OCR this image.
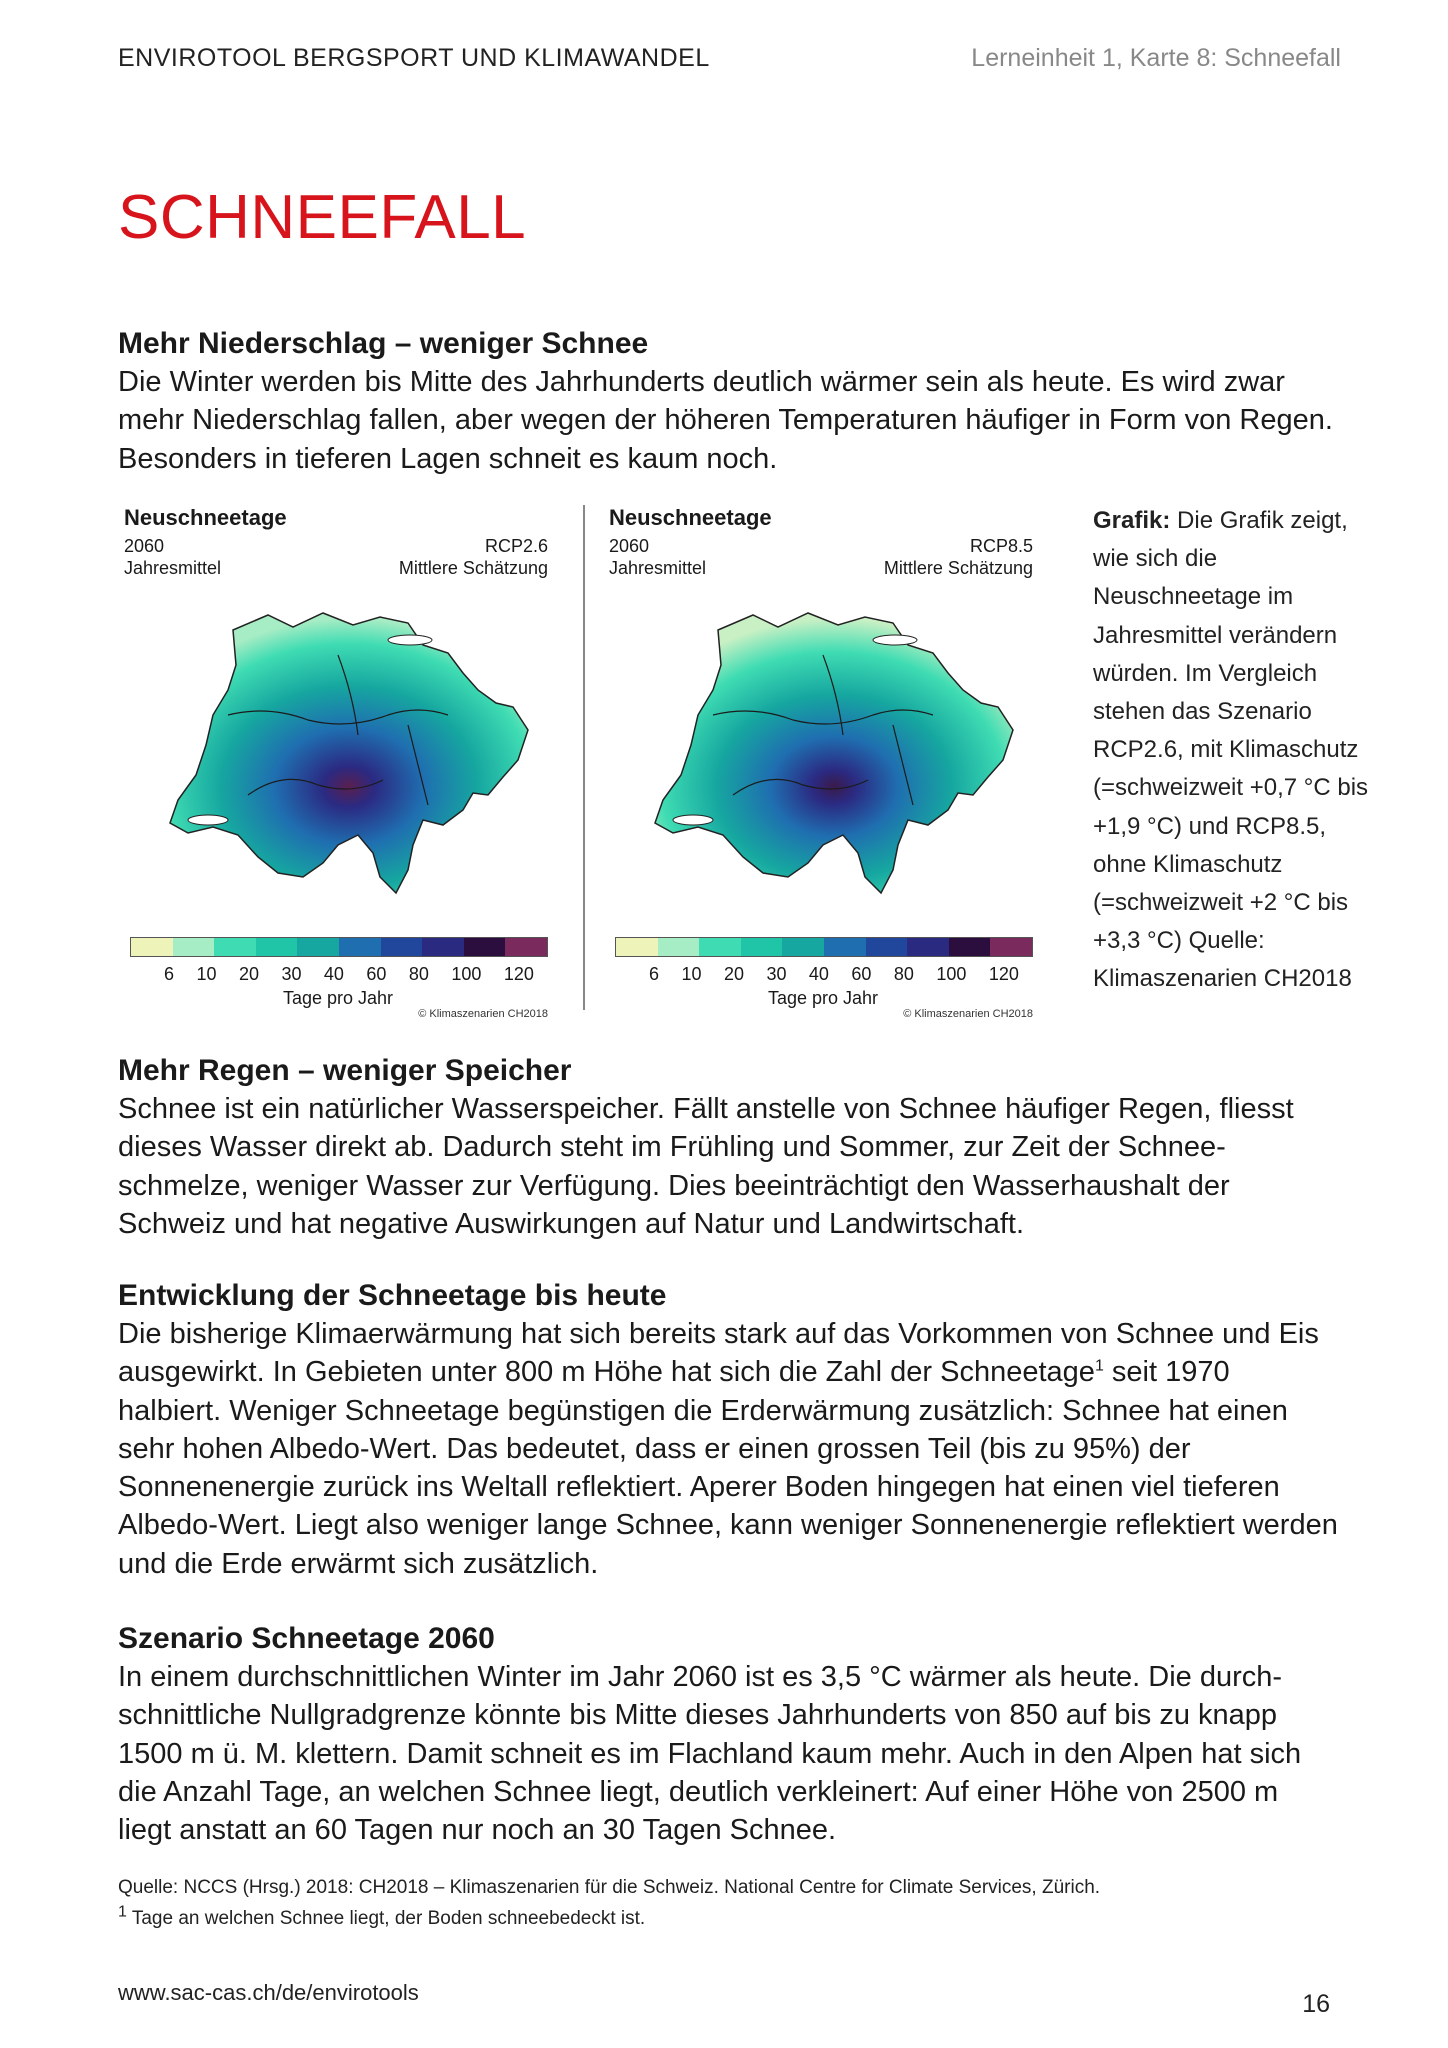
ENVIROTOOL BERGSPORT UND KLIMAWANDEL	Lerneinheit 1, Karte 8: Schneefall
SCHNEEFALL
Mehr Niederschlag – weniger Schnee

Die Winter werden bis Mitte des Jahrhunderts deutlich wärmer sein als heute. Es wird zwar mehr Niederschlag fallen, aber wegen der höheren Temperaturen häufiger in Form von Regen. Besonders in tieferen Lagen schneit es kaum noch.

Neuschneetage
2060
Jahresmittel
RCP2.6
Mittlere Schätzung
6 10 20 30 40 60 80 100 120
Tage pro Jahr
© Klimaszenarien CH2018
Neuschneetage
2060
Jahresmittel
RCP8.5
Mittlere Schätzung
6 10 20 30 40 60 80 100 120
Tage pro Jahr
© Klimaszenarien CH2018
Grafik: Die Grafik zeigt, wie sich die Neuschneetage im Jahresmittel verändern würden. Im Vergleich stehen das Szenario RCP2.6, mit Klimaschutz (=schweizweit +0,7 °C bis +1,9 °C) und RCP8.5, ohne Klimaschutz (=schweizweit +2 °C bis +3,3 °C) Quelle: Klimaszenarien CH2018
Mehr Regen – weniger Speicher

Schnee ist ein natürlicher Wasserspeicher. Fällt anstelle von Schnee häufiger Regen, fliesst dieses Wasser direkt ab. Dadurch steht im Frühling und Sommer, zur Zeit der Schnee-schmelze, weniger Wasser zur Verfügung. Dies beeinträchtigt den Wasserhaushalt der Schweiz und hat negative Auswirkungen auf Natur und Landwirtschaft.

Entwicklung der Schneetage bis heute

Die bisherige Klimaerwärmung hat sich bereits stark auf das Vorkommen von Schnee und Eis ausgewirkt. In Gebieten unter 800 m Höhe hat sich die Zahl der Schneetage$^1$ seit 1970 halbiert. Weniger Schneetage begünstigen die Erderwärmung zusätzlich: Schnee hat einen sehr hohen Albedo-Wert. Das bedeutet, dass er einen grossen Teil (bis zu 95%) der Sonnenenergie zurück ins Weltall reflektiert. Aperer Boden hingegen hat einen viel tieferen Albedo-Wert. Liegt also weniger lange Schnee, kann weniger Sonnenenergie reflektiert werden und die Erde erwärmt sich zusätzlich.

Szenario Schneetage 2060

In einem durchschnittlichen Winter im Jahr 2060 ist es 3,5 °C wärmer als heute. Die durch-schnittliche Nullgradgrenze könnte bis Mitte dieses Jahrhunderts von 850 auf bis zu knapp 1500 m ü. M. klettern. Damit schneit es im Flachland kaum mehr. Auch in den Alpen hat sich die Anzahl Tage, an welchen Schnee liegt, deutlich verkleinert: Auf einer Höhe von 2500 m liegt anstatt an 60 Tagen nur noch an 30 Tagen Schnee.

Quelle: NCCS (Hrsg.) 2018: CH2018 – Klimaszenarien für die Schweiz. National Centre for Climate Services, Zürich.
$^1$ Tage an welchen Schnee liegt, der Boden schneebedeckt ist.
www.sac-cas.ch/de/envirotools	16
